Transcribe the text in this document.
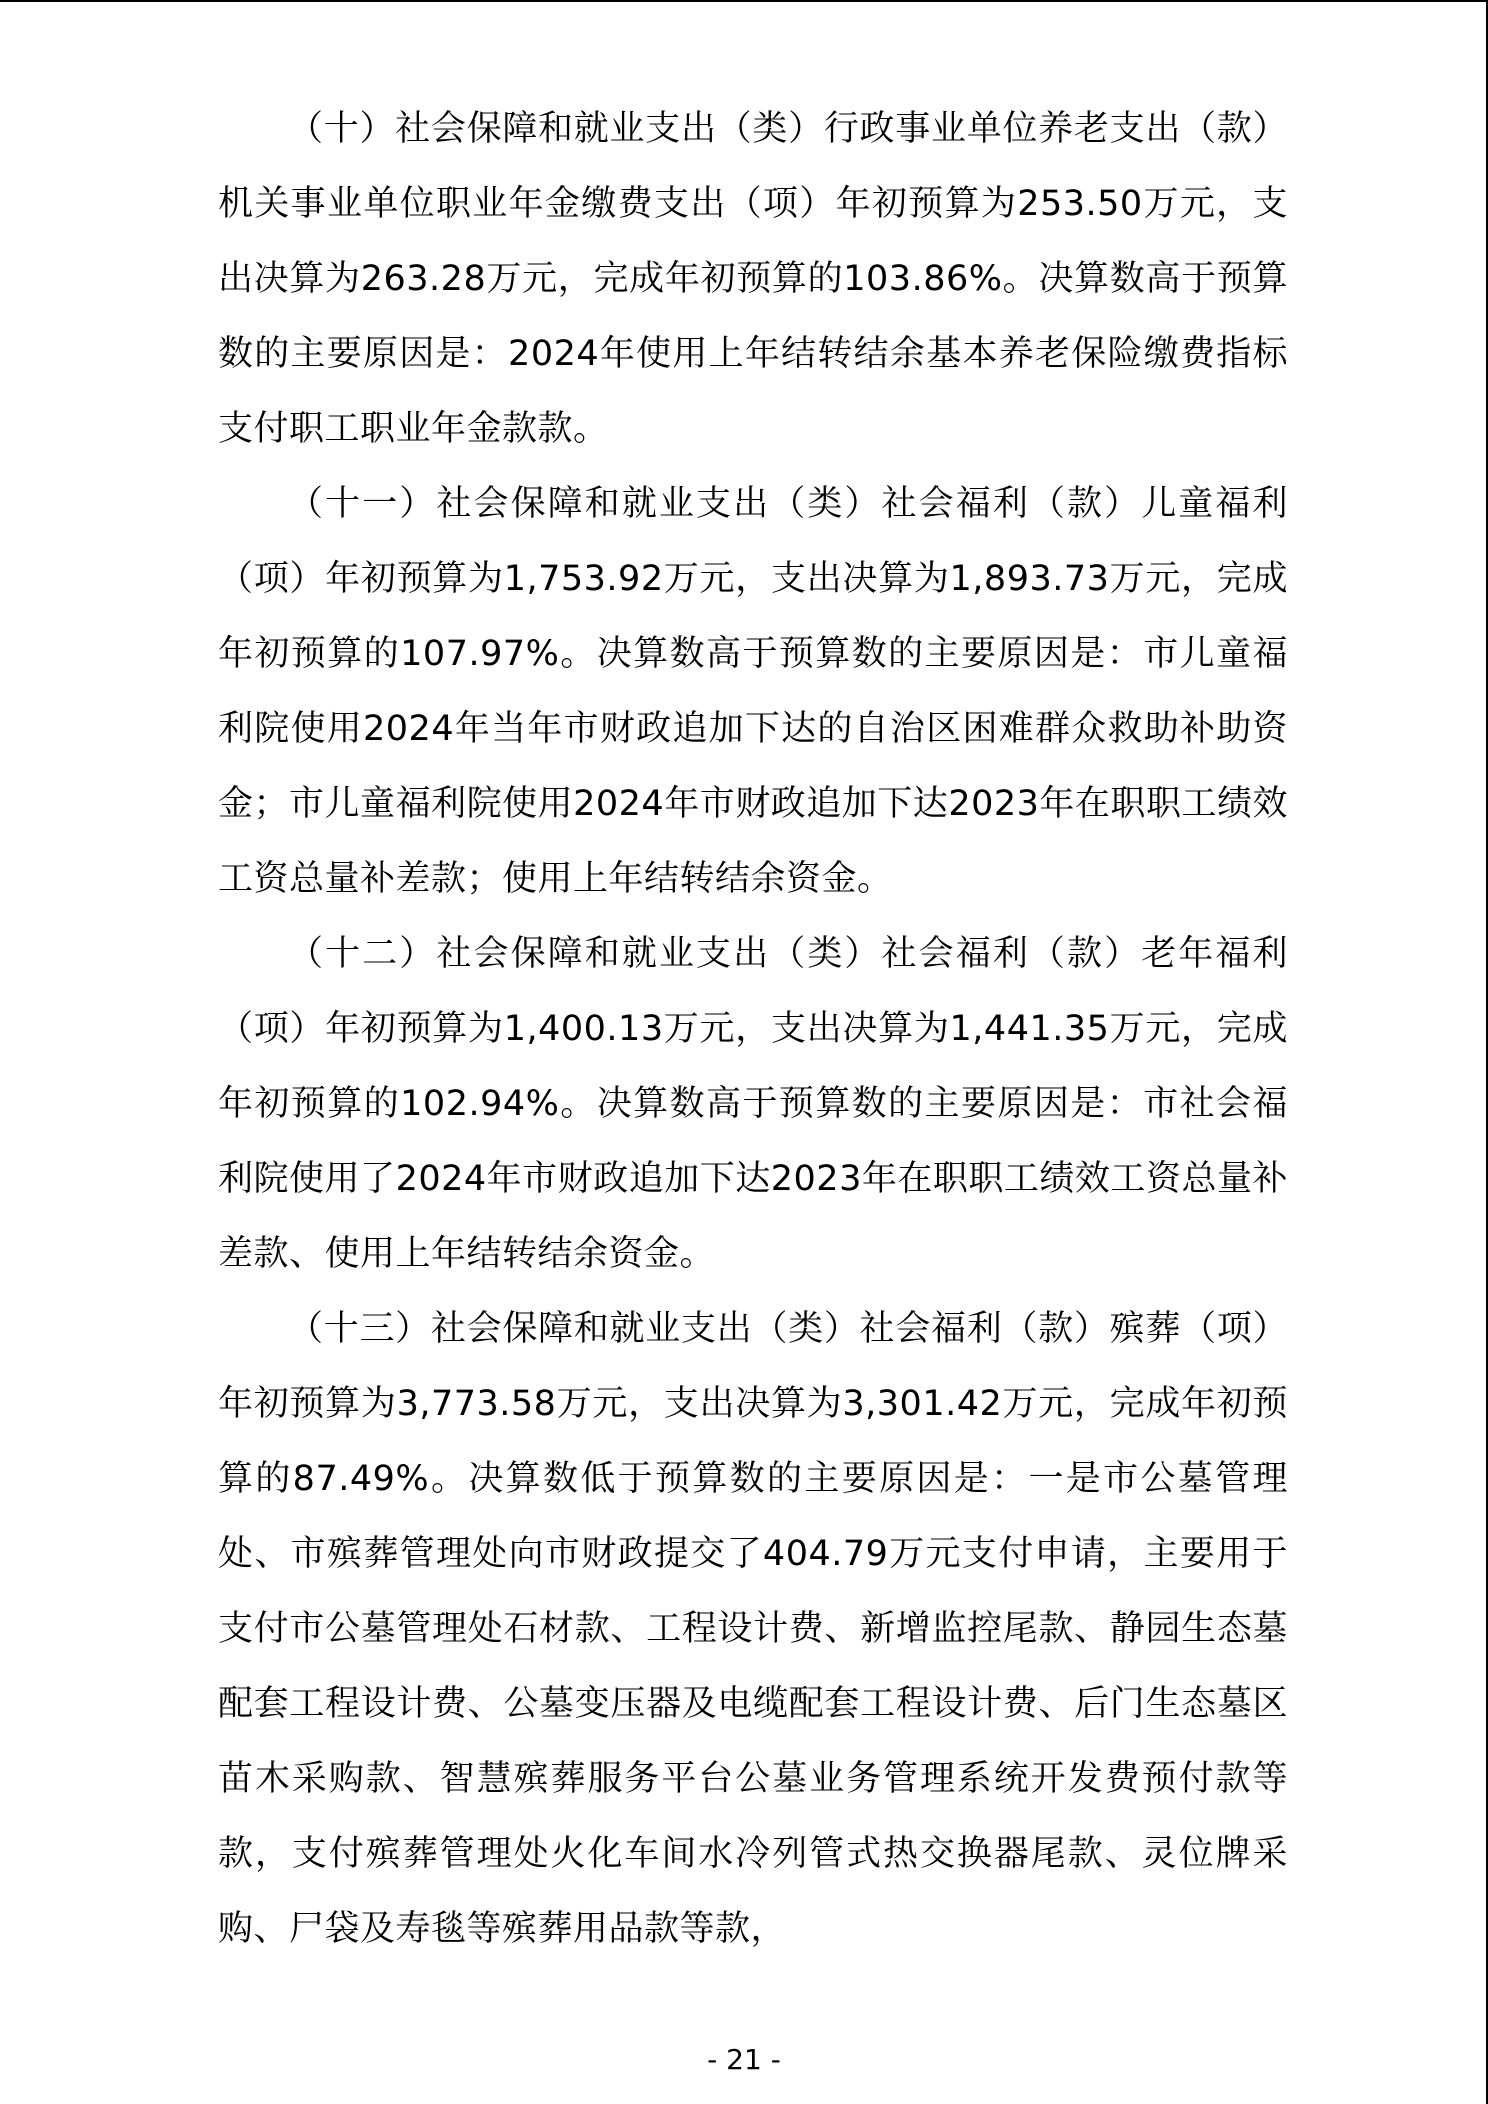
（十）社会保障和就业支出（类）行政事业单位养老支出（款）机关事业单位职业年金缴费支出（项）年初预算为253.50万元，支出决算为263.28万元，完成年初预算的103.86%。决算数高于预算数的主要原因是：2024年使用上年结转结余基本养老保险缴费指标支付职工职业年金款款。

（十一）社会保障和就业支出（类）社会福利（款）儿童福利（项）年初预算为1,753.92万元，支出决算为1,893.73万元，完成年初预算的107.97%。决算数高于预算数的主要原因是：市儿童福利院使用2024年当年市财政追加下达的自治区困难群众救助补助资金；市儿童福利院使用2024年市财政追加下达2023年在职职工绩效工资总量补差款；使用上年结转结余资金。

（十二）社会保障和就业支出（类）社会福利（款）老年福利（项）年初预算为1,400.13万元，支出决算为1,441.35万元，完成年初预算的102.94%。决算数高于预算数的主要原因是：市社会福利院使用了2024年市财政追加下达2023年在职职工绩效工资总量补差款、使用上年结转结余资金。

（十三）社会保障和就业支出（类）社会福利（款）殡葬（项）年初预算为3,773.58万元，支出决算为3,301.42万元，完成年初预算的87.49%。决算数低于预算数的主要原因是：一是市公墓管理处、市殡葬管理处向市财政提交了404.79万元支付申请，主要用于支付市公墓管理处石材款、工程设计费、新增监控尾款、静园生态墓配套工程设计费、公墓变压器及电缆配套工程设计费、后门生态墓区苗木采购款、智慧殡葬服务平台公墓业务管理系统开发费预付款等款，支付殡葬管理处火化车间水冷列管式热交换器尾款、灵位牌采购、尸袋及寿毯等殡葬用品款等款，

- 21 -
